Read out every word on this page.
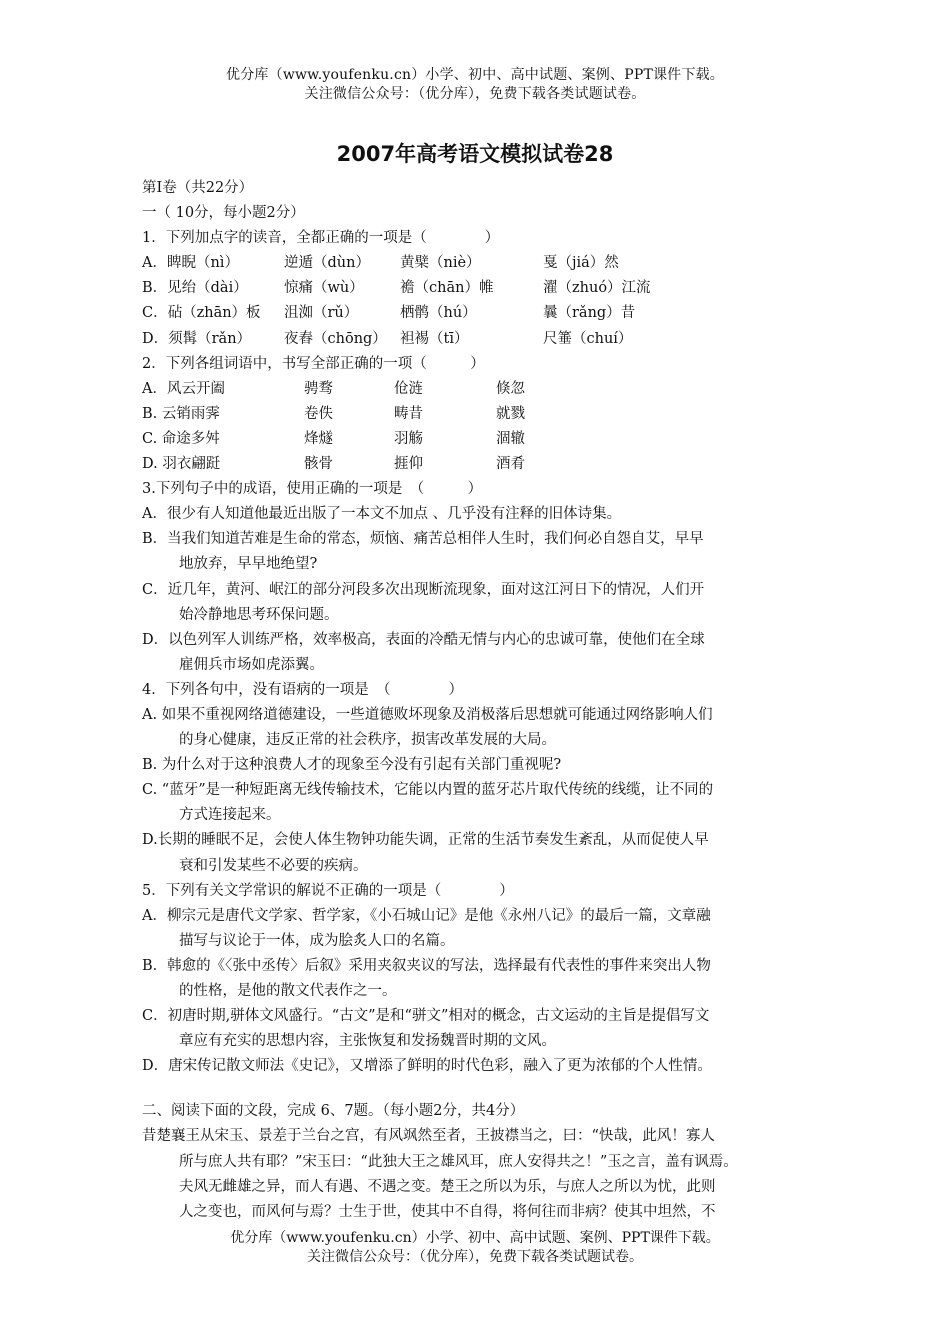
优分库（www.youfenku.cn）小学、初中、高中试题、案例、PPT课件下载。
关注微信公众号：（优分库），免费下载各类试题试卷。
2007年高考语文模拟试卷28
第Ⅰ卷（共22分）
一（ 10分，每小题2分）
1．下列加点字的读音，全都正确的一项是（　　　　）
A．睥睨（nì）	逆遁（dùn） 黄檗（niè）	戛（jiá）然
B．见绐（dài）	惊痛（wù）	襜（chān）帷	濯（zhuó）江流
C．砧（zhān）板 沮洳（rǔ）	栖鹘（hú）	曩（rǎng）昔
D．须髯（rǎn） 夜舂（chōng） 袒裼（tī）	尺箠（chuí）
2．下列各组词语中，书写全部正确的一项（　　　）
A．风云开阖	骋骛	伧涟	倏忽
B. 云销雨霁	卷佚	畴昔	就戮
C. 命途多舛	烽燧	羽觞	涸辙
D. 羽衣翩跹	骸骨	捱仰	酒肴
3.下列句子中的成语，使用正确的一项是　（　　　）
A．很少有人知道他最近出版了一本文不加点 、几乎没有注释的旧体诗集。
B．当我们知道苦难是生命的常态，烦恼、痛苦总相伴人生时，我们何必自怨自艾，早早
地放弃，早早地绝望?
C．近几年，黄河、岷江的部分河段多次出现断流现象，面对这江河日下的情况，人们开
始冷静地思考环保问题。
D．以色列军人训练严格，效率极高，表面的冷酷无情与内心的忠诚可靠，使他们在全球
雇佣兵市场如虎添翼。
4．下列各句中，没有语病的一项是　（　　　　）
A. 如果不重视网络道德建设，一些道德败坏现象及消极落后思想就可能通过网络影响人们
的身心健康，违反正常的社会秩序，损害改革发展的大局。
B. 为什么对于这种浪费人才的现象至今没有引起有关部门重视呢?
C. “蓝牙”是一种短距离无线传输技术，它能以内置的蓝牙芯片取代传统的线缆，让不同的
方式连接起来。
D.长期的睡眠不足，会使人体生物钟功能失调，正常的生活节奏发生紊乱，从而促使人早
衰和引发某些不必要的疾病。
5．下列有关文学常识的解说不正确的一项是（　　　　）
A．柳宗元是唐代文学家、哲学家，《小石城山记》是他《永州八记》的最后一篇，文章融
描写与议论于一体，成为脍炙人口的名篇。
B．韩愈的《〈张中丞传〉后叙》采用夹叙夹议的写法，选择最有代表性的事件来突出人物
的性格，是他的散文代表作之一。
C．初唐时期,骈体文风盛行。“古文”是和“骈文”相对的概念，古文运动的主旨是提倡写文
章应有充实的思想内容，主张恢复和发扬魏晋时期的文风。
D．唐宋传记散文师法《史记》，又增添了鲜明的时代色彩，融入了更为浓郁的个人性情。
二、阅读下面的文段，完成 6、7题。（每小题2分，共4分）
昔楚襄王从宋玉、景差于兰台之宫，有风飒然至者，王披襟当之，曰：“快哉，此风！寡人
所与庶人共有耶？”宋玉曰：“此独大王之雄风耳，庶人安得共之！”玉之言，盖有讽焉。
夫风无雌雄之异，而人有遇、不遇之变。楚王之所以为乐，与庶人之所以为忧，此则
人之变也，而风何与焉？士生于世，使其中不自得，将何往而非病？使其中坦然，不
优分库（www.youfenku.cn）小学、初中、高中试题、案例、PPT课件下载。
关注微信公众号：（优分库），免费下载各类试题试卷。
